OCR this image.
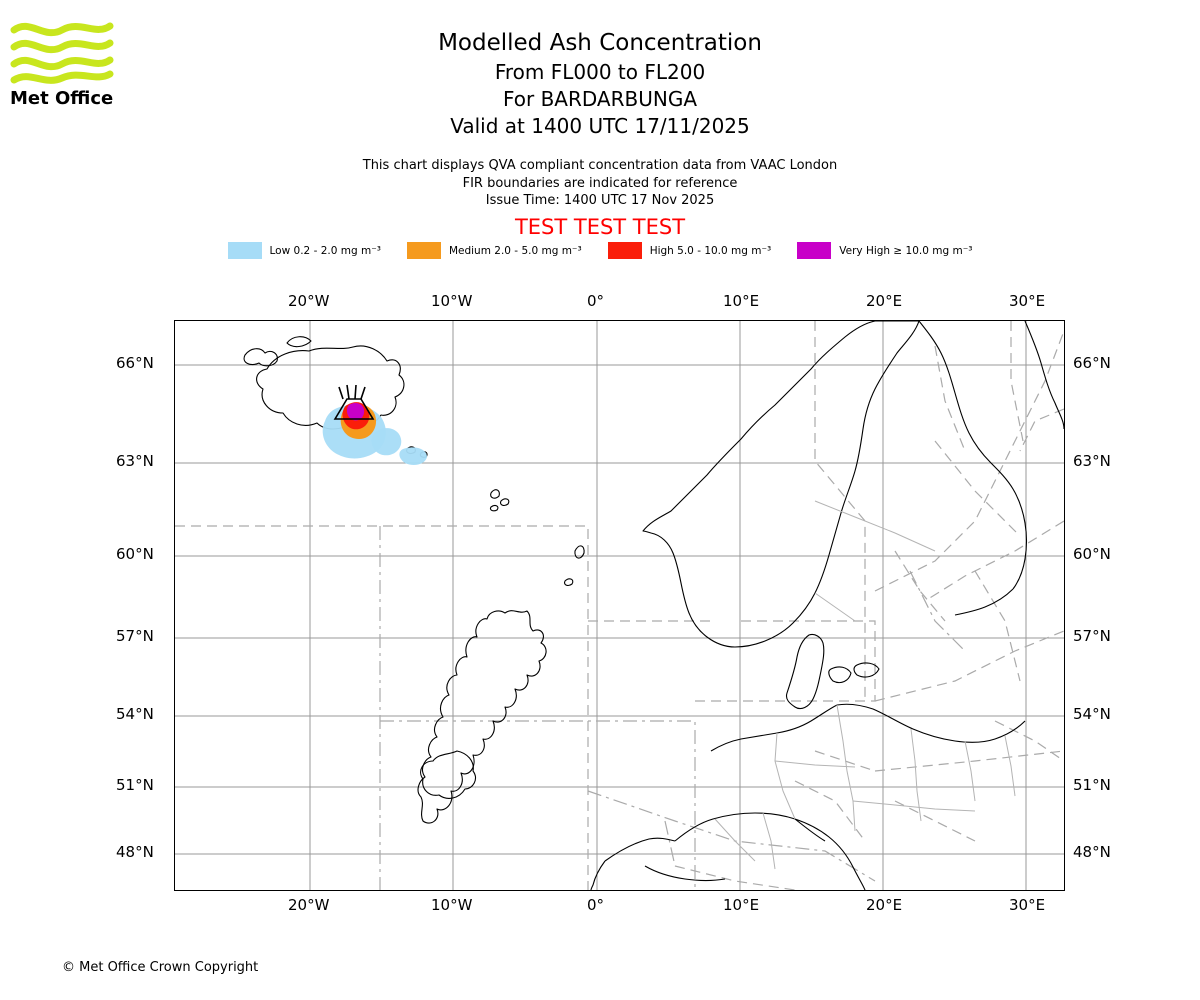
Met Office
Modelled Ash Concentration
From FL000 to FL200
For BARDARBUNGA
Valid at 1400 UTC 17/11/2025
This chart displays QVA compliant concentration data from VAAC London
FIR boundaries are indicated for reference
Issue Time: 1400 UTC 17 Nov 2025
TEST TEST TEST
Low 0.2 - 2.0 mg m⁻³	Medium 2.0 - 5.0 mg m⁻³	High 5.0 - 10.0 mg m⁻³	Very High ≥ 10.0 mg m⁻³
20°W	10°W	0°	10°E	20°E	30°E
20°W	10°W	0°	10°E	20°E	30°E
66°N
63°N
60°N
57°N
54°N
51°N
48°N
66°N
63°N
60°N
57°N
54°N
51°N
48°N
© Met Office Crown Copyright
